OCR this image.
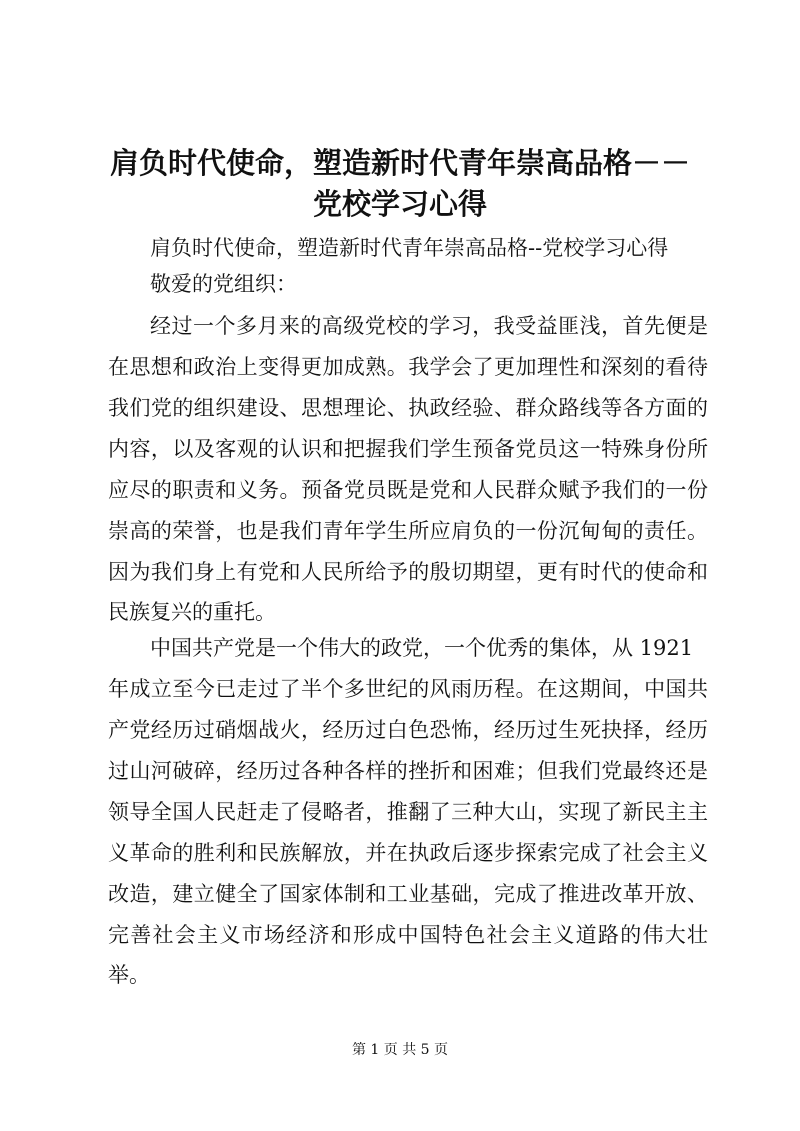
肩负时代使命，塑造新时代青年崇高品格－－
党校学习心得
肩负时代使命，塑造新时代青年崇高品格--党校学习心得
敬爱的党组织：
经过一个多月来的高级党校的学习，我受益匪浅，首先便是
在思想和政治上变得更加成熟。我学会了更加理性和深刻的看待
我们党的组织建设、思想理论、执政经验、群众路线等各方面的
内容，以及客观的认识和把握我们学生预备党员这一特殊身份所
应尽的职责和义务。预备党员既是党和人民群众赋予我们的一份
崇高的荣誉，也是我们青年学生所应肩负的一份沉甸甸的责任。
因为我们身上有党和人民所给予的殷切期望，更有时代的使命和
民族复兴的重托。
中国共产党是一个伟大的政党，一个优秀的集体，从 1921
年成立至今已走过了半个多世纪的风雨历程。在这期间，中国共
产党经历过硝烟战火，经历过白色恐怖，经历过生死抉择，经历
过山河破碎，经历过各种各样的挫折和困难；但我们党最终还是
领导全国人民赶走了侵略者，推翻了三种大山，实现了新民主主
义革命的胜利和民族解放，并在执政后逐步探索完成了社会主义
改造，建立健全了国家体制和工业基础，完成了推进改革开放、
完善社会主义市场经济和形成中国特色社会主义道路的伟大壮
举。
第 1 页 共 5 页
